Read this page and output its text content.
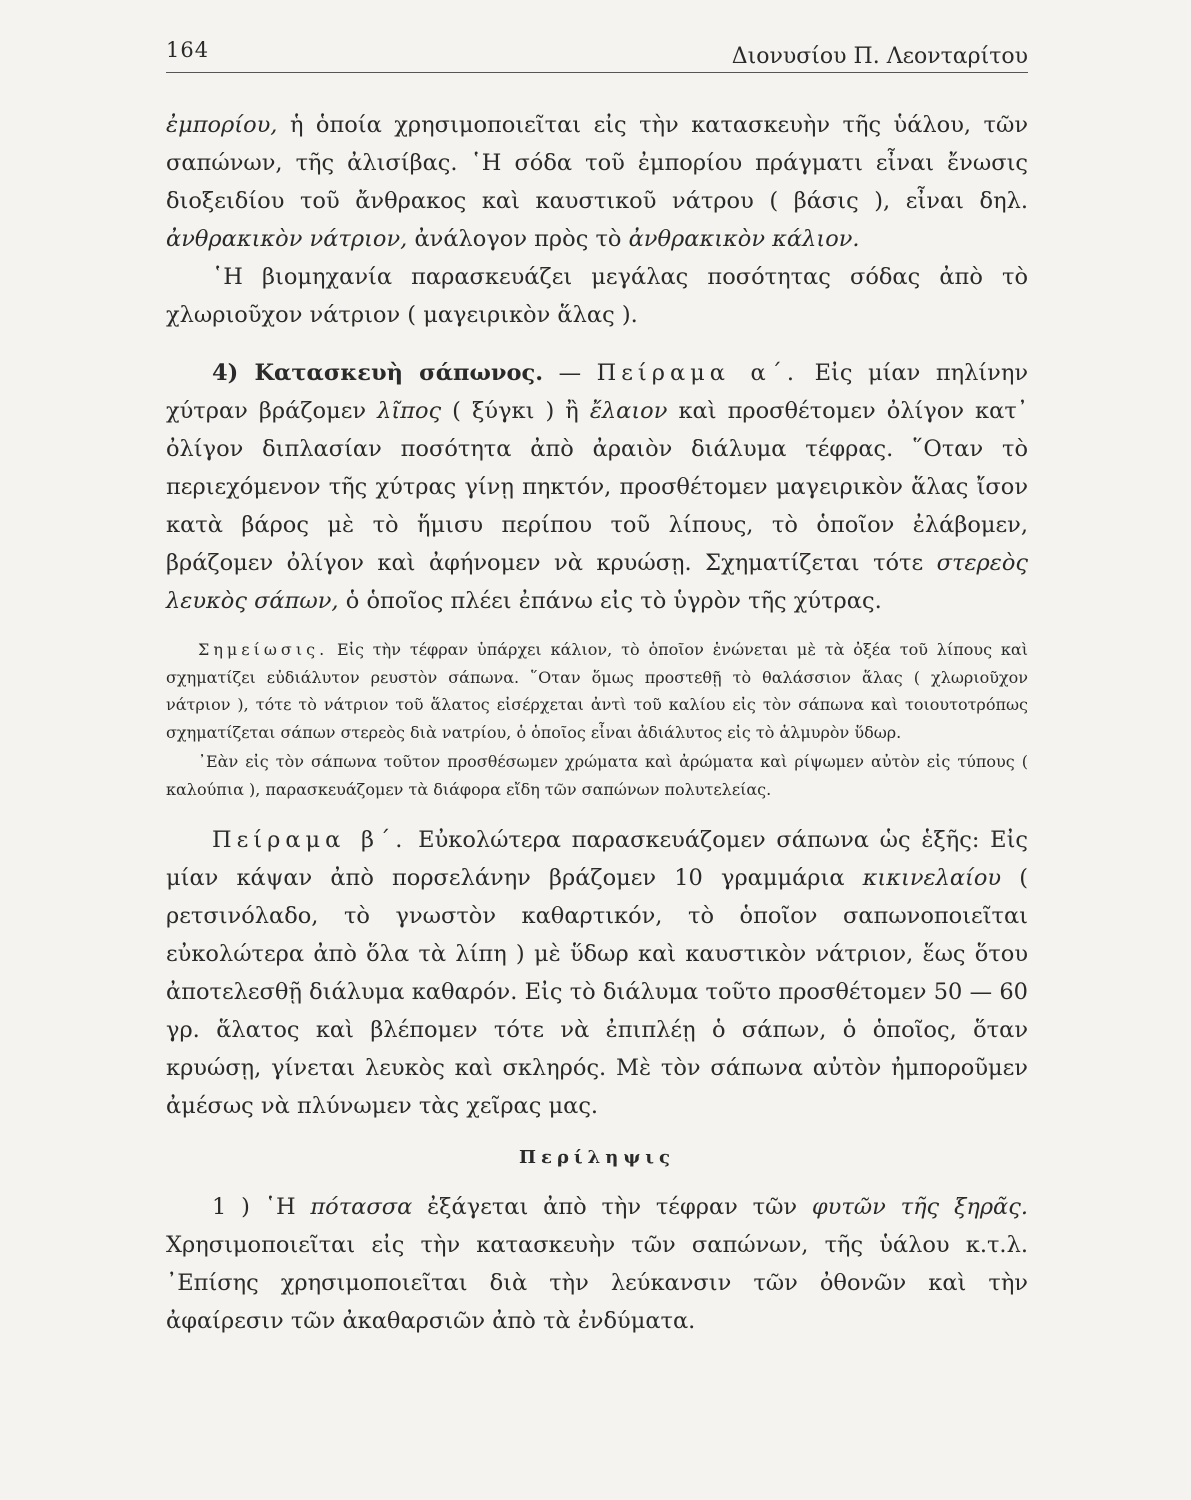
164	Διονυσίου Π. Λεονταρίτου

ἐμπορίου, ἡ ὁποία χρησιμοποιεῖται εἰς τὴν κατασκευὴν τῆς ὑάλου, τῶν σαπώνων, τῆς ἀλισίβας. ῾Η σόδα τοῦ ἐμπορίου πράγματι εἶναι ἔνωσις διοξειδίου τοῦ ἄνθρακος καὶ καυστικοῦ νάτρου ( βάσις ), εἶναι δηλ. ἀνθρακικὸν νάτριον, ἀνάλογον πρὸς τὸ ἀνθρακικὸν κάλιον.

῾Η βιομηχανία παρασκευάζει μεγάλας ποσότητας σόδας ἀπὸ τὸ χλωριοῦχον νάτριον ( μαγειρικὸν ἅλας ).

4) Κατασκευὴ σάπωνος. — Πείραμα α΄. Εἰς μίαν πηλίνην χύτραν βράζομεν λῖπος ( ξύγκι ) ἢ ἔλαιον καὶ προσθέτομεν ὀλίγον κατ᾿ ὀλίγον διπλασίαν ποσότητα ἀπὸ ἀραιὸν διάλυμα τέφρας. ῞Οταν τὸ περιεχόμενον τῆς χύτρας γίνῃ πηκτόν, προσθέτομεν μαγειρικὸν ἅλας ἴσον κατὰ βάρος μὲ τὸ ἥμισυ περίπου τοῦ λίπους, τὸ ὁποῖον ἐλάβομεν, βράζομεν ὀλίγον καὶ ἀφήνομεν νὰ κρυώσῃ. Σχηματίζεται τότε στερεὸς λευκὸς σάπων, ὁ ὁποῖος πλέει ἐπάνω εἰς τὸ ὑγρὸν τῆς χύτρας.

Σημείωσις. Εἰς τὴν τέφραν ὑπάρχει κάλιον, τὸ ὁποῖον ἑνώνεται μὲ τὰ ὀξέα τοῦ λίπους καὶ σχηματίζει εὐδιάλυτον ρευστὸν σάπωνα. ῞Οταν ὅμως προστεθῇ τὸ θαλάσσιον ἅλας ( χλωριοῦχον νάτριον ), τότε τὸ νάτριον τοῦ ἅλατος εἰσέρχεται ἀντὶ τοῦ καλίου εἰς τὸν σάπωνα καὶ τοιουτοτρόπως σχηματίζεται σάπων στερεὸς διὰ νατρίου, ὁ ὁποῖος εἶναι ἀδιάλυτος εἰς τὸ ἁλμυρὸν ὕδωρ.

᾿Εὰν εἰς τὸν σάπωνα τοῦτον προσθέσωμεν χρώματα καὶ ἀρώματα καὶ ρίψωμεν αὐτὸν εἰς τύπους ( καλούπια ), παρασκευάζομεν τὰ διάφορα εἴδη τῶν σαπώνων πολυτελείας.

Πείραμα β΄. Εὐκολώτερα παρασκευάζομεν σάπωνα ὡς ἑξῆς: Εἰς μίαν κάψαν ἀπὸ πορσελάνην βράζομεν 10 γραμμάρια κικινελαίου ( ρετσινόλαδο, τὸ γνωστὸν καθαρτικόν, τὸ ὁποῖον σαπωνοποιεῖται εὐκολώτερα ἀπὸ ὅλα τὰ λίπη ) μὲ ὕδωρ καὶ καυστικὸν νάτριον, ἕως ὅτου ἀποτελεσθῇ διάλυμα καθαρόν. Εἰς τὸ διάλυμα τοῦτο προσθέτομεν 50 — 60 γρ. ἅλατος καὶ βλέπομεν τότε νὰ ἐπιπλέῃ ὁ σάπων, ὁ ὁποῖος, ὅταν κρυώσῃ, γίνεται λευκὸς καὶ σκληρός. Μὲ τὸν σάπωνα αὐτὸν ἠμποροῦμεν ἀμέσως νὰ πλύνωμεν τὰς χεῖρας μας.

Περίληψις

1 ) ῾Η πότασσα ἐξάγεται ἀπὸ τὴν τέφραν τῶν φυτῶν τῆς ξηρᾶς. Χρησιμοποιεῖται εἰς τὴν κατασκευὴν τῶν σαπώνων, τῆς ὑάλου κ.τ.λ. ᾿Επίσης χρησιμοποιεῖται διὰ τὴν λεύκανσιν τῶν ὀθονῶν καὶ τὴν ἀφαίρεσιν τῶν ἀκαθαρσιῶν ἀπὸ τὰ ἐνδύματα.
